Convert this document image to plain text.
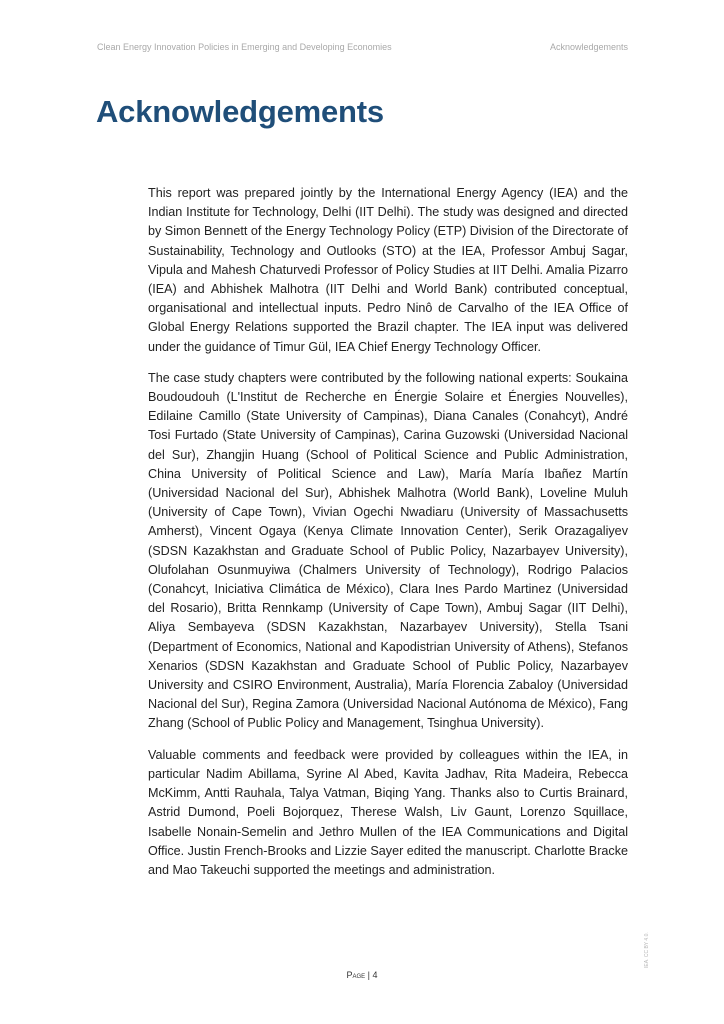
Clean Energy Innovation Policies in Emerging and Developing Economies	Acknowledgements
Acknowledgements

This report was prepared jointly by the International Energy Agency (IEA) and the Indian Institute for Technology, Delhi (IIT Delhi). The study was designed and directed by Simon Bennett of the Energy Technology Policy (ETP) Division of the Directorate of Sustainability, Technology and Outlooks (STO) at the IEA, Professor Ambuj Sagar, Vipula and Mahesh Chaturvedi Professor of Policy Studies at IIT Delhi. Amalia Pizarro (IEA) and Abhishek Malhotra (IIT Delhi and World Bank) contributed conceptual, organisational and intellectual inputs. Pedro Ninô de Carvalho of the IEA Office of Global Energy Relations supported the Brazil chapter. The IEA input was delivered under the guidance of Timur Gül, IEA Chief Energy Technology Officer.

The case study chapters were contributed by the following national experts: Soukaina Boudoudouh (L'Institut de Recherche en Énergie Solaire et Énergies Nouvelles), Edilaine Camillo (State University of Campinas), Diana Canales (Conahcyt), André Tosi Furtado (State University of Campinas), Carina Guzowski (Universidad Nacional del Sur), Zhangjin Huang (School of Political Science and Public Administration, China University of Political Science and Law), María María Ibañez Martín (Universidad Nacional del Sur), Abhishek Malhotra (World Bank), Loveline Muluh (University of Cape Town), Vivian Ogechi Nwadiaru (University of Massachusetts Amherst), Vincent Ogaya (Kenya Climate Innovation Center), Serik Orazagaliyev (SDSN Kazakhstan and Graduate School of Public Policy, Nazarbayev University), Olufolahan Osunmuyiwa (Chalmers University of Technology), Rodrigo Palacios (Conahcyt, Iniciativa Climática de México), Clara Ines Pardo Martinez (Universidad del Rosario), Britta Rennkamp (University of Cape Town), Ambuj Sagar (IIT Delhi), Aliya Sembayeva (SDSN Kazakhstan, Nazarbayev University), Stella Tsani (Department of Economics, National and Kapodistrian University of Athens), Stefanos Xenarios (SDSN Kazakhstan and Graduate School of Public Policy, Nazarbayev University and CSIRO Environment, Australia), María Florencia Zabaloy (Universidad Nacional del Sur), Regina Zamora (Universidad Nacional Autónoma de México), Fang Zhang (School of Public Policy and Management, Tsinghua University).

Valuable comments and feedback were provided by colleagues within the IEA, in particular Nadim Abillama, Syrine Al Abed, Kavita Jadhav, Rita Madeira, Rebecca McKimm, Antti Rauhala, Talya Vatman, Biqing Yang. Thanks also to Curtis Brainard, Astrid Dumond, Poeli Bojorquez, Therese Walsh, Liv Gaunt, Lorenzo Squillace, Isabelle Nonain-Semelin and Jethro Mullen of the IEA Communications and Digital Office. Justin French-Brooks and Lizzie Sayer edited the manuscript. Charlotte Bracke and Mao Takeuchi supported the meetings and administration.

IEA. CC BY 4.0.
Page | 4
